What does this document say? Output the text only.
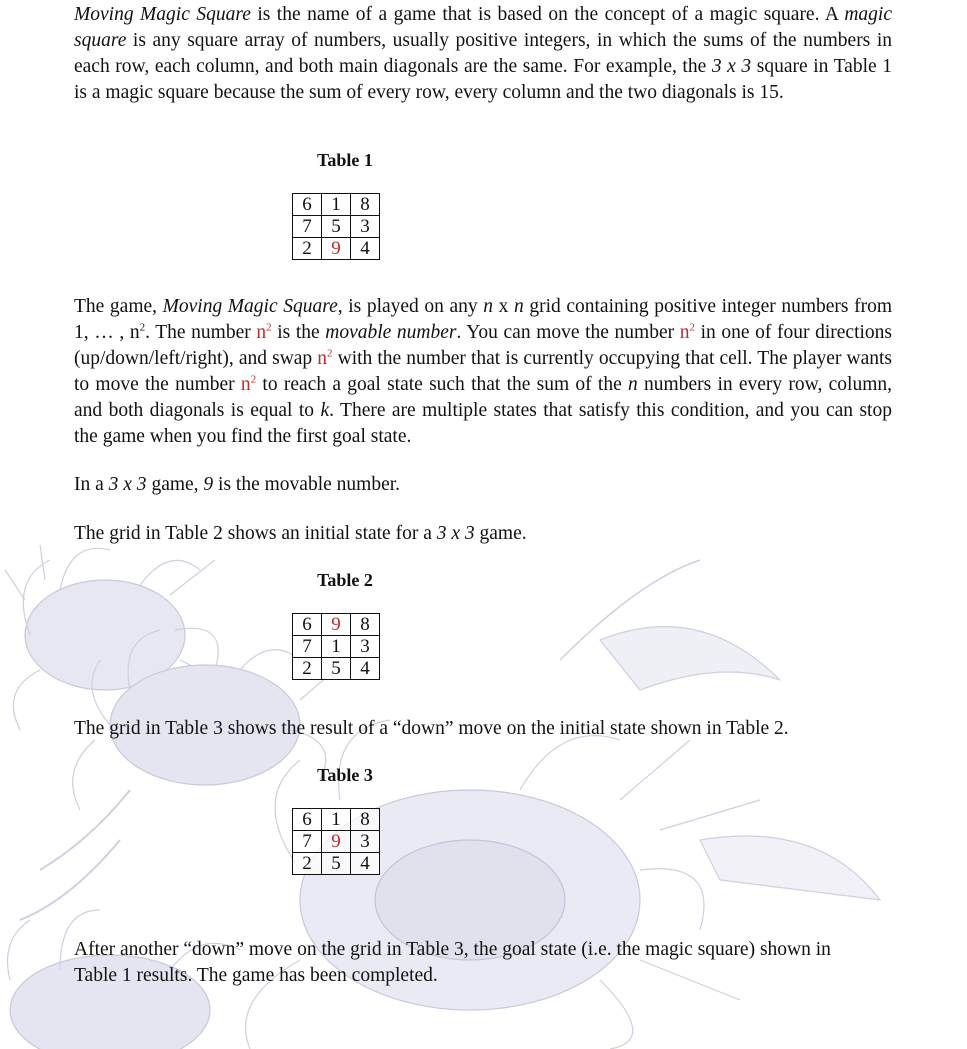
Moving Magic Square is the name of a game that is based on the concept of a magic square. A magic square is any square array of numbers, usually positive integers, in which the sums of the numbers in each row, each column, and both main diagonals are the same. For example, the 3 x 3 square in Table 1 is a magic square because the sum of every row, every column and the two diagonals is 15.

Table 1
6	1	8
7	5	3
2	9	4

The game, Moving Magic Square, is played on any n x n grid containing positive integer numbers from 1, … , $n^2$. The number $n^2$ is the movable number. You can move the number $n^2$ in one of four directions (up/down/left/right), and swap $n^2$ with the number that is currently occupying that cell. The player wants to move the number $n^2$ to reach a goal state such that the sum of the n numbers in every row, column, and both diagonals is equal to k. There are multiple states that satisfy this condition, and you can stop the game when you find the first goal state.

In a 3 x 3 game, 9 is the movable number.

The grid in Table 2 shows an initial state for a 3 x 3 game.

Table 2
6	9	8
7	1	3
2	5	4

The grid in Table 3 shows the result of a “down” move on the initial state shown in Table 2.

Table 3
6	1	8
7	9	3
2	5	4

After another “down” move on the grid in Table 3, the goal state (i.e. the magic square) shown in Table 1 results. The game has been completed.
